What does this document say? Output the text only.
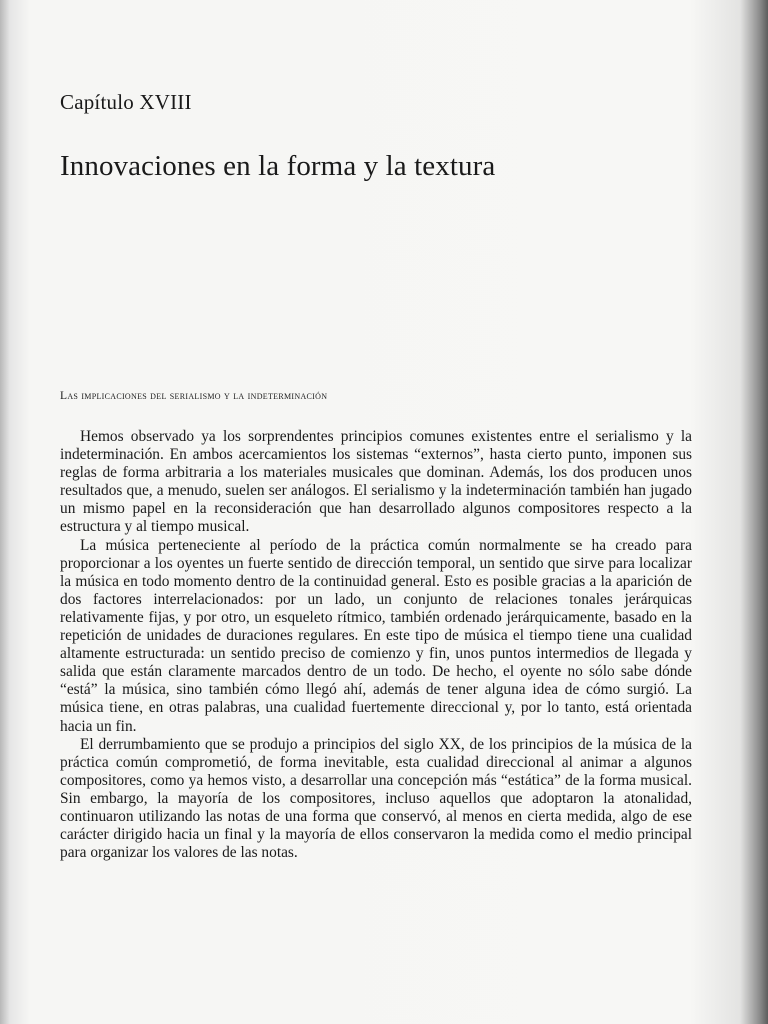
Capítulo XVIII
Innovaciones en la forma y la textura
Las implicaciones del serialismo y la indeterminación

Hemos observado ya los sorprendentes principios comunes existentes entre el serialismo y la indeterminación. En ambos acercamientos los sistemas “externos”, hasta cierto punto, imponen sus reglas de forma arbitraria a los materiales musicales que dominan. Además, los dos producen unos resultados que, a menudo, suelen ser análogos. El serialismo y la indeterminación también han jugado un mismo papel en la reconsideración que han desarrollado algunos compositores respecto a la estructura y al tiempo musical.

La música perteneciente al período de la práctica común normalmente se ha creado para proporcionar a los oyentes un fuerte sentido de dirección temporal, un sentido que sirve para localizar la música en todo momento dentro de la continuidad general. Esto es posible gracias a la aparición de dos factores interrelacionados: por un lado, un conjunto de relaciones tonales jerárquicas relativamente fijas, y por otro, un esqueleto rítmico, también ordenado jerárquicamente, basado en la repetición de unidades de duraciones regulares. En este tipo de música el tiempo tiene una cualidad altamente estructurada: un sentido preciso de comienzo y fin, unos puntos intermedios de llegada y salida que están claramente marcados dentro de un todo. De hecho, el oyente no sólo sabe dónde “está” la música, sino también cómo llegó ahí, además de tener alguna idea de cómo surgió. La música tiene, en otras palabras, una cualidad fuertemente direccional y, por lo tanto, está orientada hacia un fin.

El derrumbamiento que se produjo a principios del siglo XX, de los principios de la música de la práctica común comprometió, de forma inevitable, esta cualidad direccional al animar a algunos compositores, como ya hemos visto, a desarrollar una concepción más “estática” de la forma musical. Sin embargo, la mayoría de los compositores, incluso aquellos que adoptaron la atonalidad, continuaron utilizando las notas de una forma que conservó, al menos en cierta medida, algo de ese carácter dirigido hacia un final y la mayoría de ellos conservaron la medida como el medio principal para organizar los valores de las notas.
